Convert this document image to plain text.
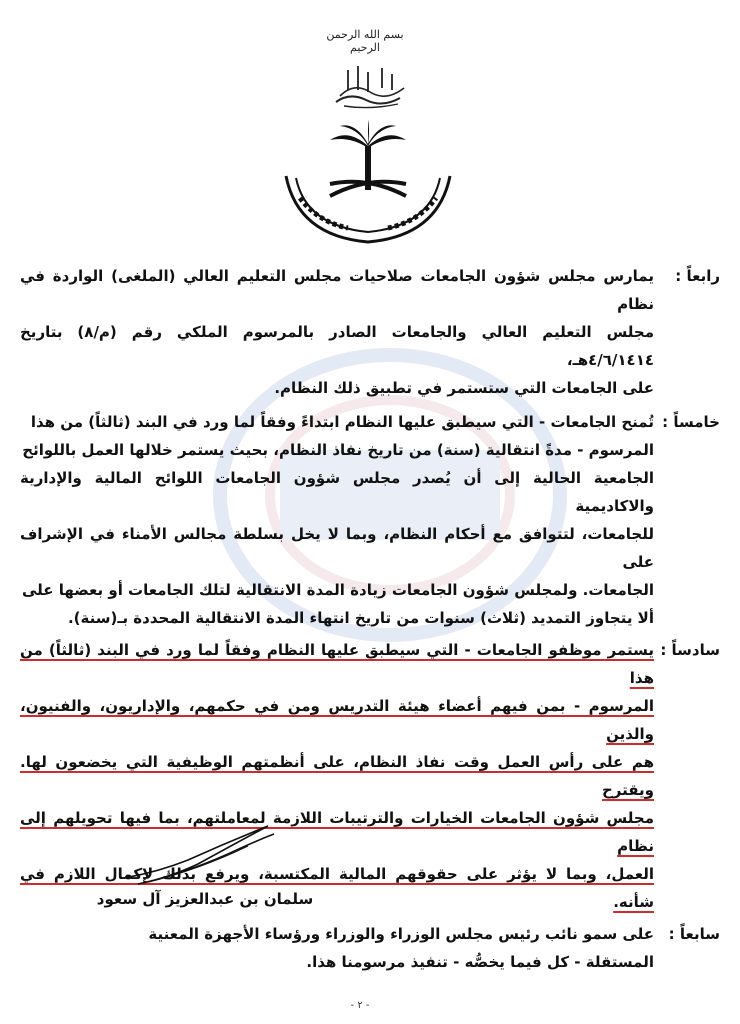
بسم الله الرحمن الرحيم
رابعاً :

يمارس مجلس شؤون الجامعات صلاحيات مجلس التعليم العالي (الملغى) الواردة في نظام

مجلس التعليم العالي والجامعات الصادر بالمرسوم الملكي رقم (م/٨) بتاريخ ٤/٦/١٤١٤هـ،

على الجامعات التي ستستمر في تطبيق ذلك النظام.

خامساً :

تُمنح الجامعات - التي سيطبق عليها النظام ابتداءً وفقاً لما ورد في البند (ثالثاً) من هذا

المرسوم - مدةً انتقالية (سنة) من تاريخ نفاذ النظام، بحيث يستمر خلالها العمل باللوائح

الجامعية الحالية إلى أن يُصدر مجلس شؤون الجامعات اللوائح المالية والإدارية والاكاديمية

للجامعات، لتتوافق مع أحكام النظام، وبما لا يخل بسلطة مجالس الأمناء في الإشراف على

الجامعات. ولمجلس شؤون الجامعات زيادة المدة الانتقالية لتلك الجامعات أو بعضها على

ألا يتجاوز التمديد (ثلاث) سنوات من تاريخ انتهاء المدة الانتقالية المحددة بـ(سنة).

سادساً :

يستمر موظفو الجامعات - التي سيطبق عليها النظام وفقاً لما ورد في البند (ثالثاً) من هذا

المرسوم - بمن فيهم أعضاء هيئة التدريس ومن في حكمهم، والإداريون، والفنيون، والذين

هم على رأس العمل وقت نفاذ النظام، على أنظمتهم الوظيفية التي يخضعون لها. ويقترح

مجلس شؤون الجامعات الخيارات والترتيبات اللازمة لمعاملتهم، بما فيها تحويلهم إلى نظام

العمل، وبما لا يؤثر على حقوقهم المالية المكتسبة، ويرفع بذلك لإكمال اللازم في شأنه.

سابعاً :

على سمو نائب رئيس مجلس الوزراء والوزراء ورؤساء الأجهزة المعنية

المستقلة - كل فيما يخصُّه - تنفيذ مرسومنا هذا.

سلمان بن عبدالعزيز آل سعود
- ٢ -
